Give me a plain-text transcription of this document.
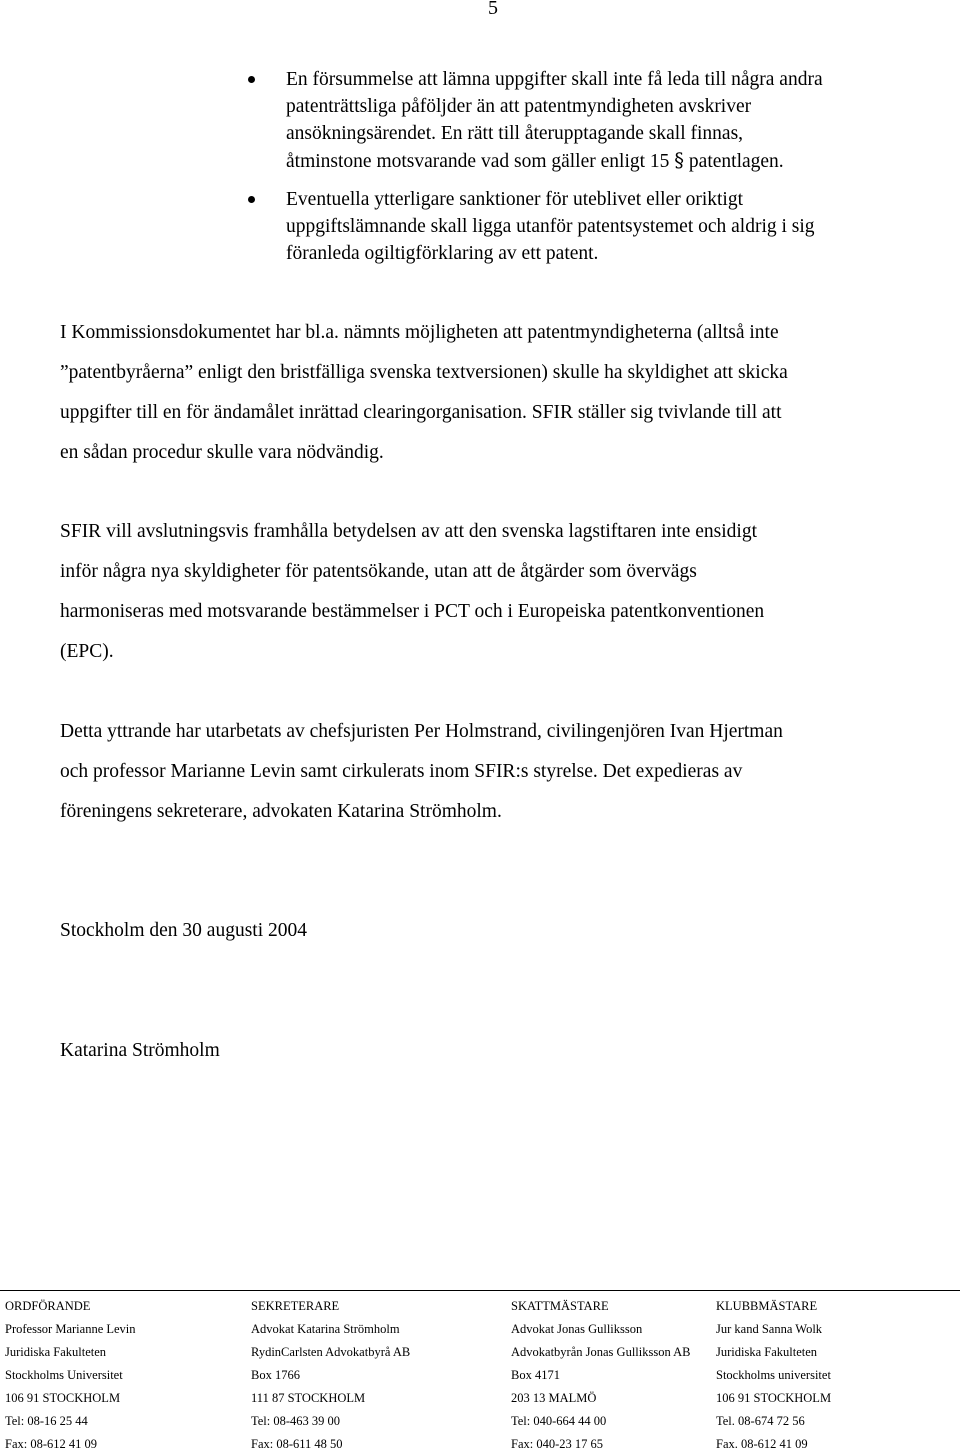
5
En försummelse att lämna uppgifter skall inte få leda till några andra
patenträttsliga påföljder än att patentmyndigheten avskriver
ansökningsärendet. En rätt till återupptagande skall finnas,
åtminstone motsvarande vad som gäller enligt 15 § patentlagen.
Eventuella ytterligare sanktioner för uteblivet eller oriktigt
uppgiftslämnande skall ligga utanför patentsystemet och aldrig i sig
föranleda ogiltigförklaring av ett patent.

I Kommissionsdokumentet har bl.a. nämnts möjligheten att patentmyndigheterna (alltså inte
”patentbyråerna” enligt den bristfälliga svenska textversionen) skulle ha skyldighet att skicka
uppgifter till en för ändamålet inrättad clearingorganisation. SFIR ställer sig tvivlande till att
en sådan procedur skulle vara nödvändig.

SFIR vill avslutningsvis framhålla betydelsen av att den svenska lagstiftaren inte ensidigt
inför några nya skyldigheter för patentsökande, utan att de åtgärder som övervägs
harmoniseras med motsvarande bestämmelser i PCT och i Europeiska patentkonventionen
(EPC).

Detta yttrande har utarbetats av chefsjuristen Per Holmstrand, civilingenjören Ivan Hjertman
och professor Marianne Levin samt cirkulerats inom SFIR:s styrelse. Det expedieras av
föreningens sekreterare, advokaten Katarina Strömholm.

Stockholm den 30 augusti 2004

Katarina Strömholm

ORDFÖRANDE
Professor Marianne Levin
Juridiska Fakulteten
Stockholms Universitet
106 91 STOCKHOLM
Tel: 08-16 25 44
Fax: 08-612 41 09
SEKRETERARE
Advokat Katarina Strömholm
RydinCarlsten Advokatbyrå AB
Box 1766
111 87 STOCKHOLM
Tel: 08-463 39 00
Fax: 08-611 48 50
SKATTMÄSTARE
Advokat Jonas Gulliksson
Advokatbyrån Jonas Gulliksson AB
Box 4171
203 13 MALMÖ
Tel: 040-664 44 00
Fax: 040-23 17 65
KLUBBMÄSTARE
Jur kand Sanna Wolk
Juridiska Fakulteten
Stockholms universitet
106 91 STOCKHOLM
Tel. 08-674 72 56
Fax. 08-612 41 09
